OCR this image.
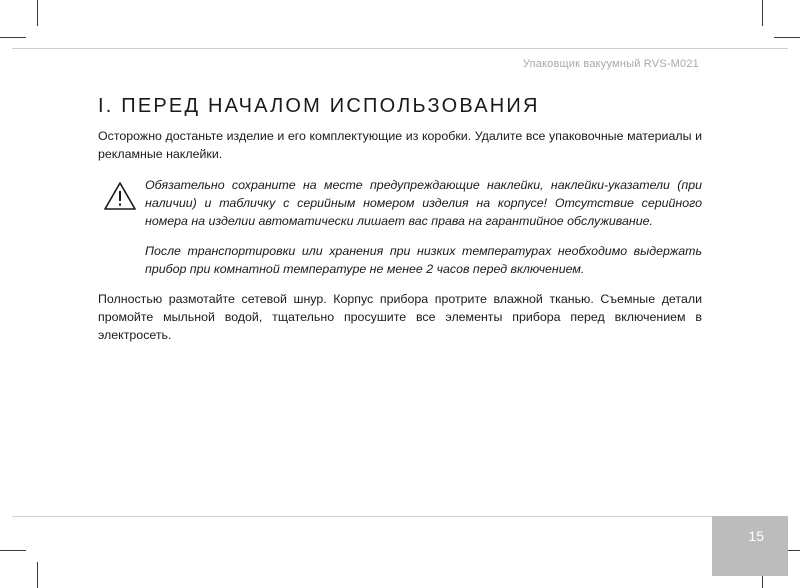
Упаковщик вакуумный RVS-M021
I. ПЕРЕД НАЧАЛОМ ИСПОЛЬЗОВАНИЯ

Осторожно достаньте изделие и его комплектующие из коробки. Удалите все упаковочные материалы и рекламные наклейки.

Обязательно сохраните на месте предупреждающие наклейки, наклейки-указатели (при наличии) и табличку с серийным номером изделия на корпусе! Отсутствие серийного номера на изделии автоматически лишает вас права на гарантийное обслуживание.

После транспортировки или хранения при низких температурах необходимо выдержать прибор при комнатной температуре не менее 2 часов перед включением.

Полностью размотайте сетевой шнур. Корпус прибора протрите влажной тканью. Съемные детали промойте мыльной водой, тщательно просушите все элементы прибора перед включением в электросеть.

15
